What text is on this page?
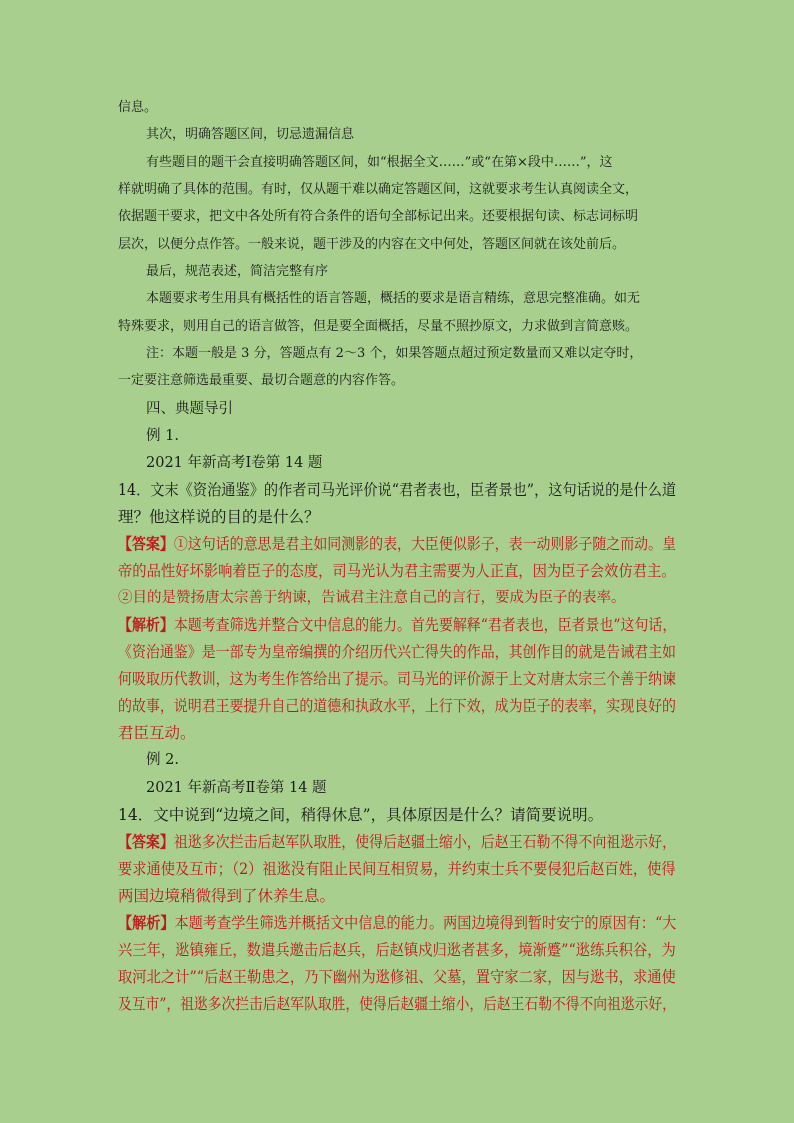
信息。
其次，明确答题区间，切忌遗漏信息
有些题目的题干会直接明确答题区间，如“根据全文……”或“在第×段中……”，这
样就明确了具体的范围。有时，仅从题干难以确定答题区间，这就要求考生认真阅读全文，
依据题干要求，把文中各处所有符合条件的语句全部标记出来。还要根据句读、标志词标明
层次，以便分点作答。一般来说，题干涉及的内容在文中何处，答题区间就在该处前后。
最后，规范表述，简洁完整有序
本题要求考生用具有概括性的语言答题，概括的要求是语言精练，意思完整准确。如无
特殊要求，则用自己的语言做答，但是要全面概括，尽量不照抄原文，力求做到言简意赅。
注：本题一般是 3 分，答题点有 2～3 个，如果答题点超过预定数量而又难以定夺时，
一定要注意筛选最重要、最切合题意的内容作答。
四、典题导引
例 1.
2021 年新高考Ⅰ卷第 14 题
14．文末《资治通鉴》的作者司马光评价说“君者表也，臣者景也”，这句话说的是什么道
理？他这样说的目的是什么？
【答案】①这句话的意思是君主如同测影的表，大臣便似影子，表一动则影子随之而动。皇
帝的品性好坏影响着臣子的态度，司马光认为君主需要为人正直，因为臣子会效仿君主。
②目的是赞扬唐太宗善于纳谏，告诫君主注意自己的言行，要成为臣子的表率。
【解析】本题考查筛选并整合文中信息的能力。首先要解释“君者表也，臣者景也”这句话，
《资治通鉴》是一部专为皇帝编撰的介绍历代兴亡得失的作品，其创作目的就是告诫君主如
何吸取历代教训，这为考生作答给出了提示。司马光的评价源于上文对唐太宗三个善于纳谏
的故事，说明君王要提升自己的道德和执政水平，上行下效，成为臣子的表率，实现良好的
君臣互动。
例 2.
2021 年新高考Ⅱ卷第 14 题
14．文中说到“边境之间，稍得休息”，具体原因是什么？请简要说明。
【答案】祖逖多次拦击后赵军队取胜，使得后赵疆土缩小，后赵王石勒不得不向祖逖示好，
要求通使及互市；（2）祖逖没有阻止民间互相贸易，并约束士兵不要侵犯后赵百姓，使得
两国边境稍微得到了休养生息。
【解析】本题考查学生筛选并概括文中信息的能力。两国边境得到暂时安宁的原因有：“大
兴三年，逖镇雍丘，数遣兵邀击后赵兵，后赵镇戍归逖者甚多，境渐蹙”“逖练兵积谷，为
取河北之计”“后赵王勒患之，乃下幽州为逖修祖、父墓，置守家二家，因与逖书，求通使
及互市”，祖逖多次拦击后赵军队取胜，使得后赵疆土缩小，后赵王石勒不得不向祖逖示好，
